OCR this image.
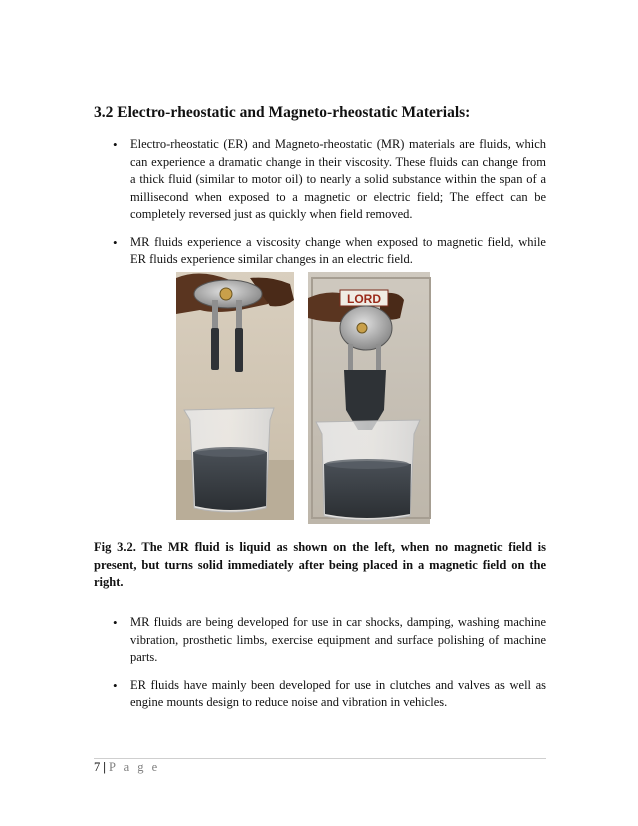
3.2 Electro-rheostatic and Magneto-rheostatic Materials:
• Electro-rheostatic (ER) and Magneto-rheostatic (MR) materials are fluids, which can experience a dramatic change in their viscosity. These fluids can change from a thick fluid (similar to motor oil) to nearly a solid substance within the span of a millisecond when exposed to a magnetic or electric field; The effect can be completely reversed just as quickly when field removed.
• MR fluids experience a viscosity change when exposed to magnetic field, while ER fluids experience similar changes in an electric field.
LORD

Fig 3.2. The MR fluid is liquid as shown on the left, when no magnetic field is present, but turns solid immediately after being placed in a magnetic field on the right.

• MR fluids are being developed for use in car shocks, damping, washing machine vibration, prosthetic limbs, exercise equipment and surface polishing of machine parts.
• ER fluids have mainly been developed for use in clutches and valves as well as engine mounts design to reduce noise and vibration in vehicles.
7 | P a g e
